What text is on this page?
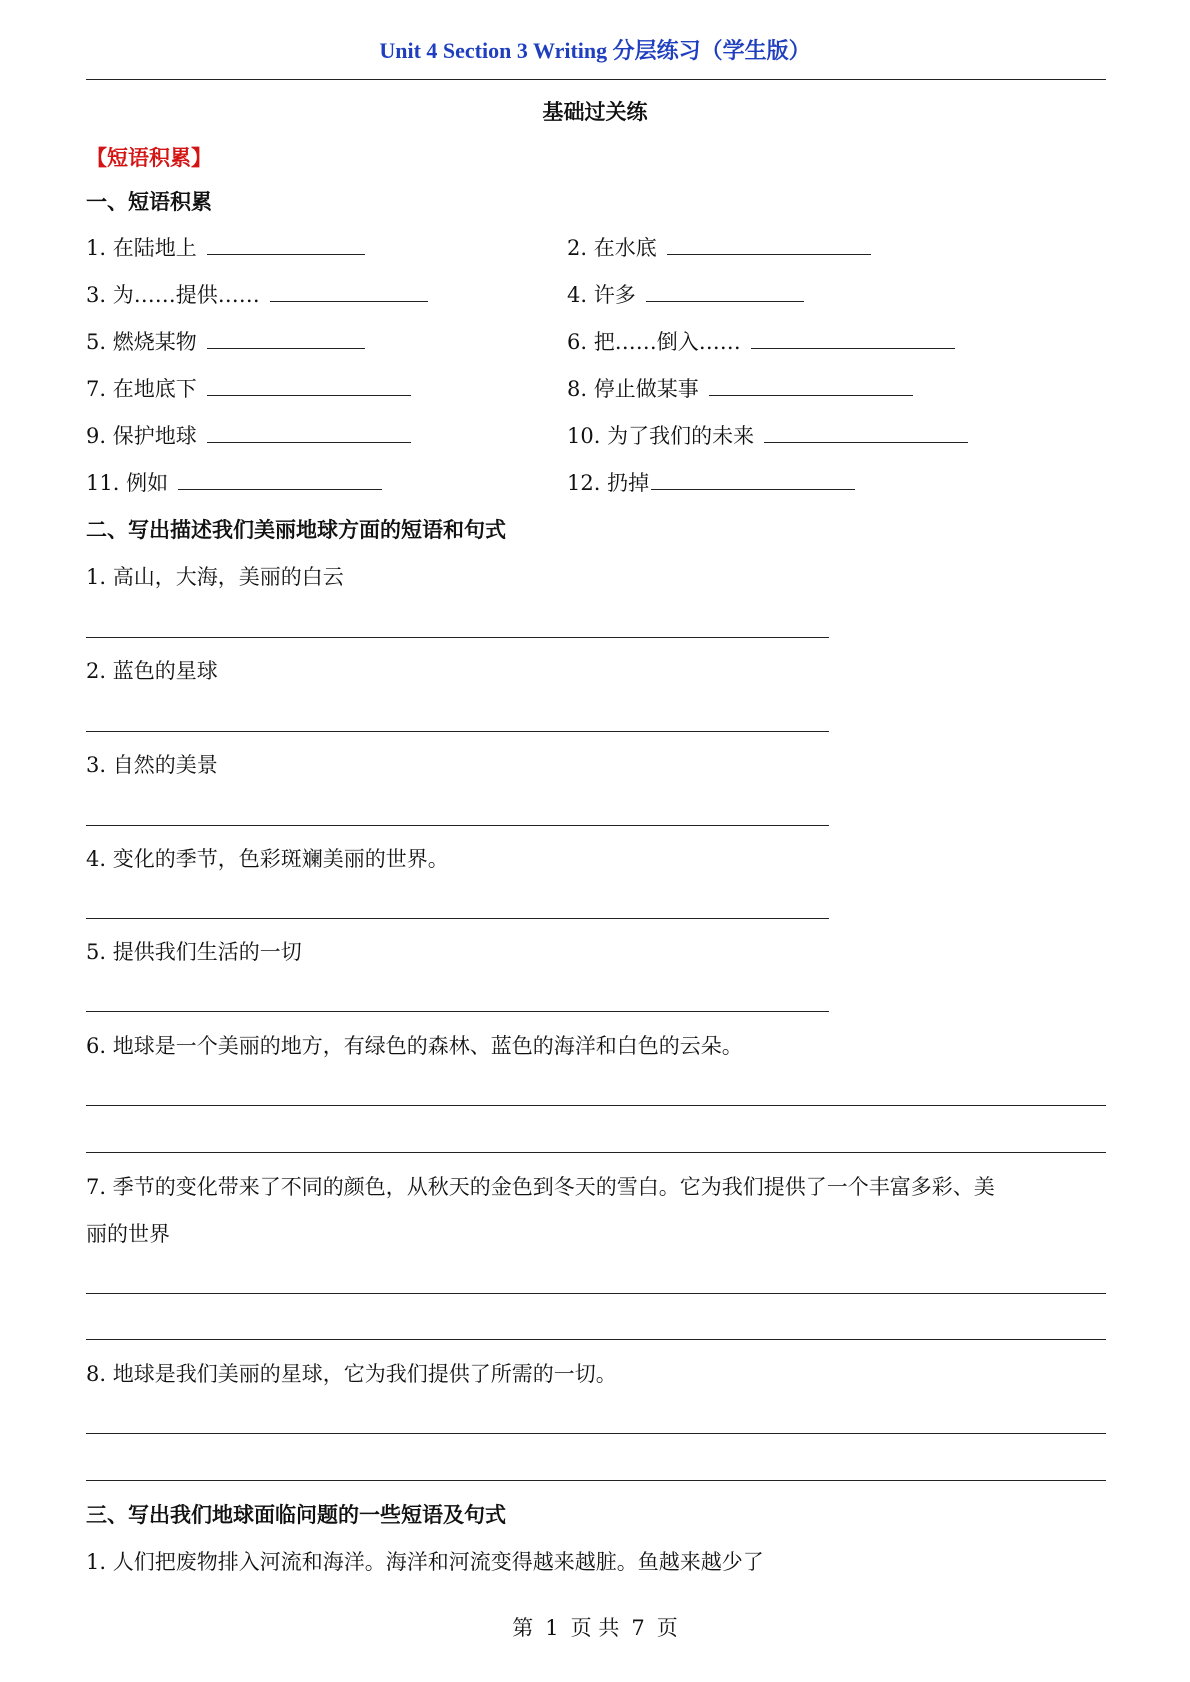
Unit 4 Section 3 Writing 分层练习（学生版）
基础过关练
【短语积累】
一、短语积累
1. 在陆地上	2. 在水底
3. 为……提供……	4. 许多
5. 燃烧某物	6. 把……倒入……
7. 在地底下	8. 停止做某事
9. 保护地球	10. 为了我们的未来
11. 例如	12. 扔掉
二、写出描述我们美丽地球方面的短语和句式
1. 高山，大海，美丽的白云
2. 蓝色的星球
3. 自然的美景
4. 变化的季节，色彩斑斓美丽的世界。
5. 提供我们生活的一切
6. 地球是一个美丽的地方，有绿色的森林、蓝色的海洋和白色的云朵。
7. 季节的变化带来了不同的颜色，从秋天的金色到冬天的雪白。它为我们提供了一个丰富多彩、美
丽的世界
8. 地球是我们美丽的星球，它为我们提供了所需的一切。
三、写出我们地球面临问题的一些短语及句式
1. 人们把废物排入河流和海洋。海洋和河流变得越来越脏。鱼越来越少了
第 1 页 共 7 页
